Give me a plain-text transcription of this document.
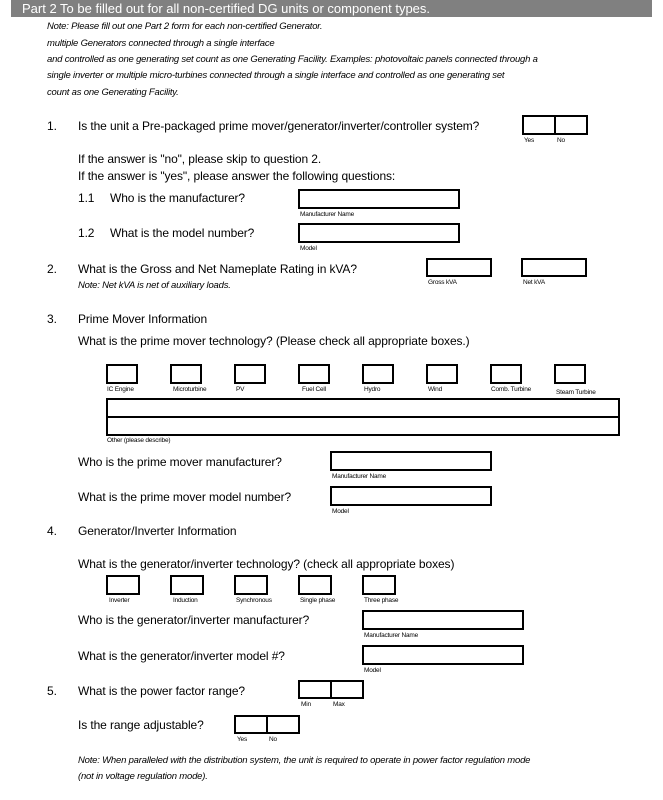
Part 2 To be filled out for all non-certified DG units or component types.
Note: Please fill out one Part 2 form for each non-certified Generator.
multiple Generators connected through a single interface
and controlled as one generating set count as one Generating Facility. Examples: photovoltaic panels connected through a
single inverter or multiple micro-turbines connected through a single interface and controlled as one generating set
count as one Generating Facility.
1. Is the unit a Pre-packaged prime mover/generator/inverter/controller system?
Yes	No
If the answer is "no", please skip to question 2.
If the answer is "yes", please answer the following questions:
1.1 Who is the manufacturer?
Manufacturer Name
1.2 What is the model number?
Model
2. What is the Gross and Net Nameplate Rating in kVA?
Note: Net kVA is net of auxiliary loads.	Gross kVA	Net kVA
3. Prime Mover Information
What is the prime mover technology? (Please check all appropriate boxes.)
IC Engine	Microturbine	PV	Fuel Cell	Hydro	Wind	Comb. Turbine	Steam Turbine
Other (please describe)
Who is the prime mover manufacturer?
Manufacturer Name
What is the prime mover model number?
Model
4. Generator/Inverter Information
What is the generator/inverter technology? (check all appropriate boxes)
Inverter	Induction	Synchronous	Single phase	Three phase
Who is the generator/inverter manufacturer?
Manufacturer Name
What is the generator/inverter model #?
Model
5. What is the power factor range?
Min	Max
Is the range adjustable?
Yes	No
Note: When paralleled with the distribution system, the unit is required to operate in power factor regulation mode
(not in voltage regulation mode).
